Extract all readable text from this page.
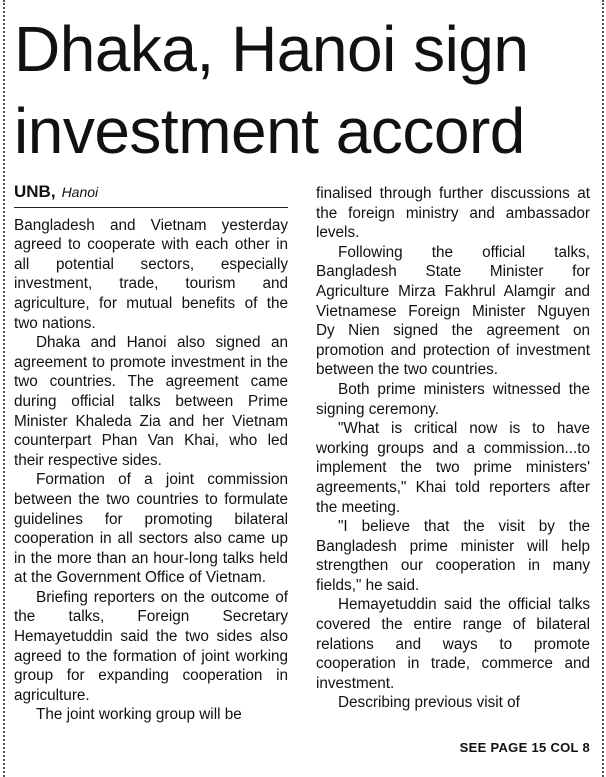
Dhaka, Hanoi sign
investment accord
UNB, Hanoi

Bangladesh and Vietnam yesterday agreed to cooperate with each other in all potential sectors, especially investment, trade, tourism and agriculture, for mutual benefits of the two nations.

Dhaka and Hanoi also signed an agreement to promote investment in the two countries. The agreement came during official talks between Prime Minister Khaleda Zia and her Vietnam counterpart Phan Van Khai, who led their respective sides.

Formation of a joint commission between the two countries to formulate guidelines for promoting bilateral cooperation in all sectors also came up in the more than an hour-long talks held at the Government Office of Vietnam.

Briefing reporters on the outcome of the talks, Foreign Secretary Hemayetuddin said the two sides also agreed to the formation of joint working group for expanding cooperation in agriculture.

The joint working group will be

finalised through further discussions at the foreign ministry and ambassador levels.

Following the official talks, Bangladesh State Minister for Agriculture Mirza Fakhrul Alamgir and Vietnamese Foreign Minister Nguyen Dy Nien signed the agreement on promotion and protection of investment between the two countries.

Both prime ministers witnessed the signing ceremony.

"What is critical now is to have working groups and a commission...to implement the two prime ministers' agreements," Khai told reporters after the meeting.

"I believe that the visit by the Bangladesh prime minister will help strengthen our cooperation in many fields," he said.

Hemayetuddin said the official talks covered the entire range of bilateral relations and ways to promote cooperation in trade, commerce and investment.

Describing previous visit of

SEE PAGE 15 COL 8
